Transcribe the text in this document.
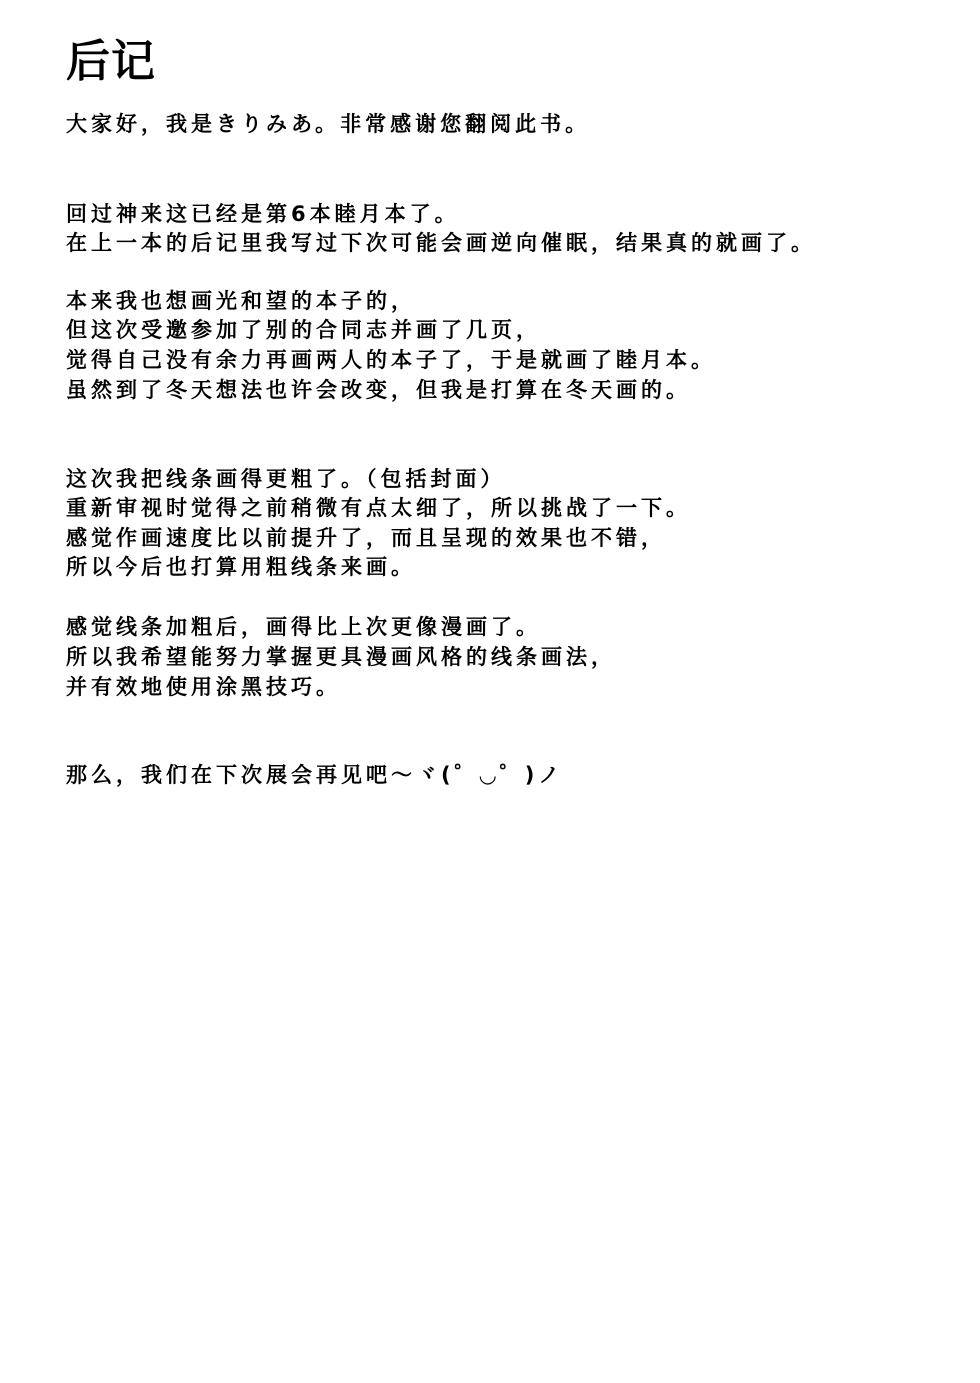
后记

大家好，我是きりみあ。非常感谢您翻阅此书。

回过神来这已经是第6本睦月本了。

在上一本的后记里我写过下次可能会画逆向催眠，结果真的就画了。

本来我也想画光和望的本子的，

但这次受邀参加了别的合同志并画了几页，

觉得自己没有余力再画两人的本子了，于是就画了睦月本。

虽然到了冬天想法也许会改变，但我是打算在冬天画的。

这次我把线条画得更粗了。（包括封面）

重新审视时觉得之前稍微有点太细了，所以挑战了一下。

感觉作画速度比以前提升了，而且呈现的效果也不错，

所以今后也打算用粗线条来画。

感觉线条加粗后，画得比上次更像漫画了。

所以我希望能努力掌握更具漫画风格的线条画法，

并有效地使用涂黑技巧。

那么，我们在下次展会再见吧～ヾ(゜◡゜)ノ
